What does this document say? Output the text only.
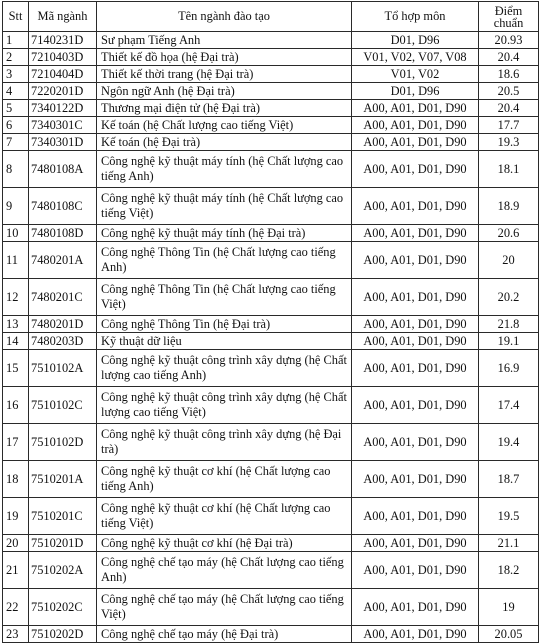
Stt	Mã ngành	Tên ngành đào tạo	Tổ hợp môn	Điểm chuẩn
1	7140231D	Sư phạm Tiếng Anh	D01, D96	20.93
2	7210403D	Thiết kế đồ họa (hệ Đại trà)	V01, V02, V07, V08	20.4
3	7210404D	Thiết kế thời trang (hệ Đại trà)	V01, V02	18.6
4	7220201D	Ngôn ngữ Anh (hệ Đại trà)	D01, D96	20.5
5	7340122D	Thương mại điện tử (hệ Đại trà)	A00, A01, D01, D90	20.4
6	7340301C	Kế toán (hệ Chất lượng cao tiếng Việt)	A00, A01, D01, D90	17.7
7	7340301D	Kế toán (hệ Đại trà)	A00, A01, D01, D90	19.3
8	7480108A	Công nghệ kỹ thuật máy tính (hệ Chất lượng cao tiếng Anh)	A00, A01, D01, D90	18.1
9	7480108C	Công nghệ kỹ thuật máy tính (hệ Chất lượng cao tiếng Việt)	A00, A01, D01, D90	18.9
10	7480108D	Công nghệ kỹ thuật máy tính (hệ Đại trà)	A00, A01, D01, D90	20.6
11	7480201A	Công nghệ Thông Tin (hệ Chất lượng cao tiếng Anh)	A00, A01, D01, D90	20
12	7480201C	Công nghệ Thông Tin (hệ Chất lượng cao tiếng Việt)	A00, A01, D01, D90	20.2
13	7480201D	Công nghệ Thông Tin (hệ Đại trà)	A00, A01, D01, D90	21.8
14	7480203D	Kỹ thuật dữ liệu	A00, A01, D01, D90	19.1
15	7510102A	Công nghệ kỹ thuật công trình xây dựng (hệ Chất lượng cao tiếng Anh)	A00, A01, D01, D90	16.9
16	7510102C	Công nghệ kỹ thuật công trình xây dựng (hệ Chất lượng cao tiếng Việt)	A00, A01, D01, D90	17.4
17	7510102D	Công nghệ kỹ thuật công trình xây dựng (hệ Đại trà)	A00, A01, D01, D90	19.4
18	7510201A	Công nghệ kỹ thuật cơ khí (hệ Chất lượng cao tiếng Anh)	A00, A01, D01, D90	18.7
19	7510201C	Công nghệ kỹ thuật cơ khí (hệ Chất lượng cao tiếng Việt)	A00, A01, D01, D90	19.5
20	7510201D	Công nghệ kỹ thuật cơ khí (hệ Đại trà)	A00, A01, D01, D90	21.1
21	7510202A	Công nghệ chế tạo máy (hệ Chất lượng cao tiếng Anh)	A00, A01, D01, D90	18.2
22	7510202C	Công nghệ chế tạo máy (hệ Chất lượng cao tiếng Việt)	A00, A01, D01, D90	19
23	7510202D	Công nghệ chế tạo máy (hệ Đại trà)	A00, A01, D01, D90	20.05
